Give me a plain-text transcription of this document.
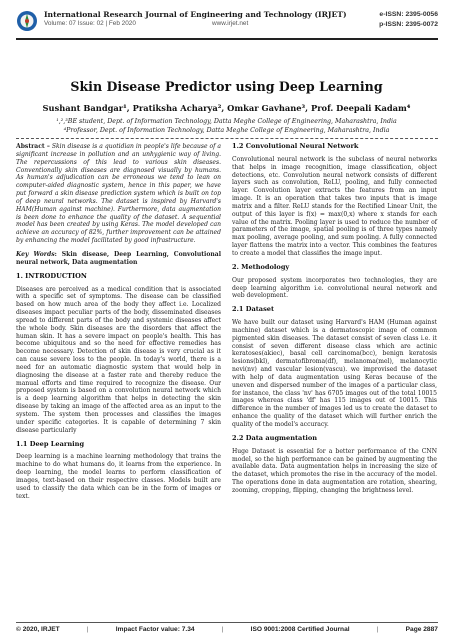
International Research Journal of Engineering and Technology (IRJET)
Volume: 07 Issue: 02 | Feb 2020	www.irjet.net
e-ISSN: 2395-0056
p-ISSN: 2395-0072
Skin Disease Predictor using Deep Learning
Sushant Bandgar¹, Pratiksha Acharya², Omkar Gavhane³, Prof. Deepali Kadam⁴
¹,²,³BE student, Dept. of Information Technology, Datta Meghe College of Engineering, Maharashtra, India
⁴Professor, Dept. of Information Technology, Datta Meghe College of Engineering, Maharashtra, India

Abstract – Skin disease is a quotidian in people's life because of a significant increase in pollution and an unhygienic way of living. The repercussions of this lead to various skin diseases. Conventionally skin diseases are diagnosed visually by humans. As human's adjudication can be erroneous we tend to lean on computer-aided diagnostic system, hence in this paper, we have put forward a skin disease prediction system which is built on top of deep neural networks. The dataset is inspired by Harvard's HAM(Human against machine). Furthermore, data augmentation is been done to enhance the quality of the dataset. A sequential model has been created by using Keras. The model developed can achieve an accuracy of 82%, further improvement can be attained by enhancing the model facilitated by good infrastructure.

Key Words: Skin disease, Deep Learning, Convolutional neural network, Data augmentation

1. INTRODUCTION

Diseases are perceived as a medical condition that is associated with a specific set of symptoms. The disease can be classified based on how much area of the body they affect i.e. Localized diseases impact peculiar parts of the body, disseminated diseases spread to different parts of the body and systemic diseases affect the whole body. Skin diseases are the disorders that affect the human skin. It has a severe impact on people's health. This has become ubiquitous and so the need for effective remedies has become necessary. Detection of skin disease is very crucial as it can cause severe loss to the people. In today's world, there is a need for an automatic diagnostic system that would help in diagnosing the disease at a faster rate and thereby reduce the manual efforts and time required to recognize the disease. Our proposed system is based on a convolution neural network which is a deep learning algorithm that helps in detecting the skin disease by taking an image of the affected area as an input to the system. The system then processes and classifies the images under specific categories. It is capable of determining 7 skin disease particularly

1.1 Deep Learning

Deep learning is a machine learning methodology that trains the machine to do what humans do, it learns from the experience. In deep learning, the model learns to perform classification of images, text-based on their respective classes. Models built are used to classify the data which can be in the form of images or text.

1.2 Convolutional Neural Network

Convolutional neural network is the subclass of neural networks that helps in image recognition, image classification, object detections, etc. Convolution neural network consists of different layers such as convolution, ReLU, pooling, and fully connected layer. Convolution layer extracts the features from an input image. It is an operation that takes two inputs that is image matrix and a filter. ReLU stands for the Rectified Linear Unit, the output of this layer is f(x) = max(0,x) where x stands for each value of the matrix. Pooling layer is used to reduce the number of parameters of the image, spatial pooling is of three types namely max pooling, average pooling, and sum pooling. A fully connected layer flattens the matrix into a vector. This combines the features to create a model that classifies the image input.

2. Methodology

Our proposed system incorporates two technologies, they are deep learning algorithm i.e. convolutional neural network and web development.

2.1 Dataset

We have built our dataset using Harvard's HAM (Human against machine) dataset which is a dermatoscopic image of common pigmented skin diseases. The dataset consist of seven class i.e. it consist of seven different disease class which are actinic keratoses(akiec), basal cell carcinoma(bcc), benign keratosis lesions(bkl), dermatofibroma(df), melanoma(mel), melanocytic nevi(nv) and vascular lesion(vascu). we improvised the dataset with help of data augmentation using Keras because of the uneven and dispersed number of the images of a particular class, for instance, the class 'nv' has 6705 images out of the total 10015 images whereas class 'df' has 115 images out of 10015. This difference in the number of images led us to create the dataset to enhance the quality of the dataset which will further enrich the quality of the model's accuracy.

2.2 Data augmentation

Huge Dataset is essential for a better performance of the CNN model, so the high performance can be gained by augmenting the available data. Data augmentation helps in increasing the size of the dataset, which promotes the rise in the accuracy of the model. The operations done in data augmentation are rotation, shearing, zooming, cropping, flipping, changing the brightness level.

© 2020, IRJET	|	Impact Factor value: 7.34	|	ISO 9001:2008 Certified Journal	|	Page 2887
